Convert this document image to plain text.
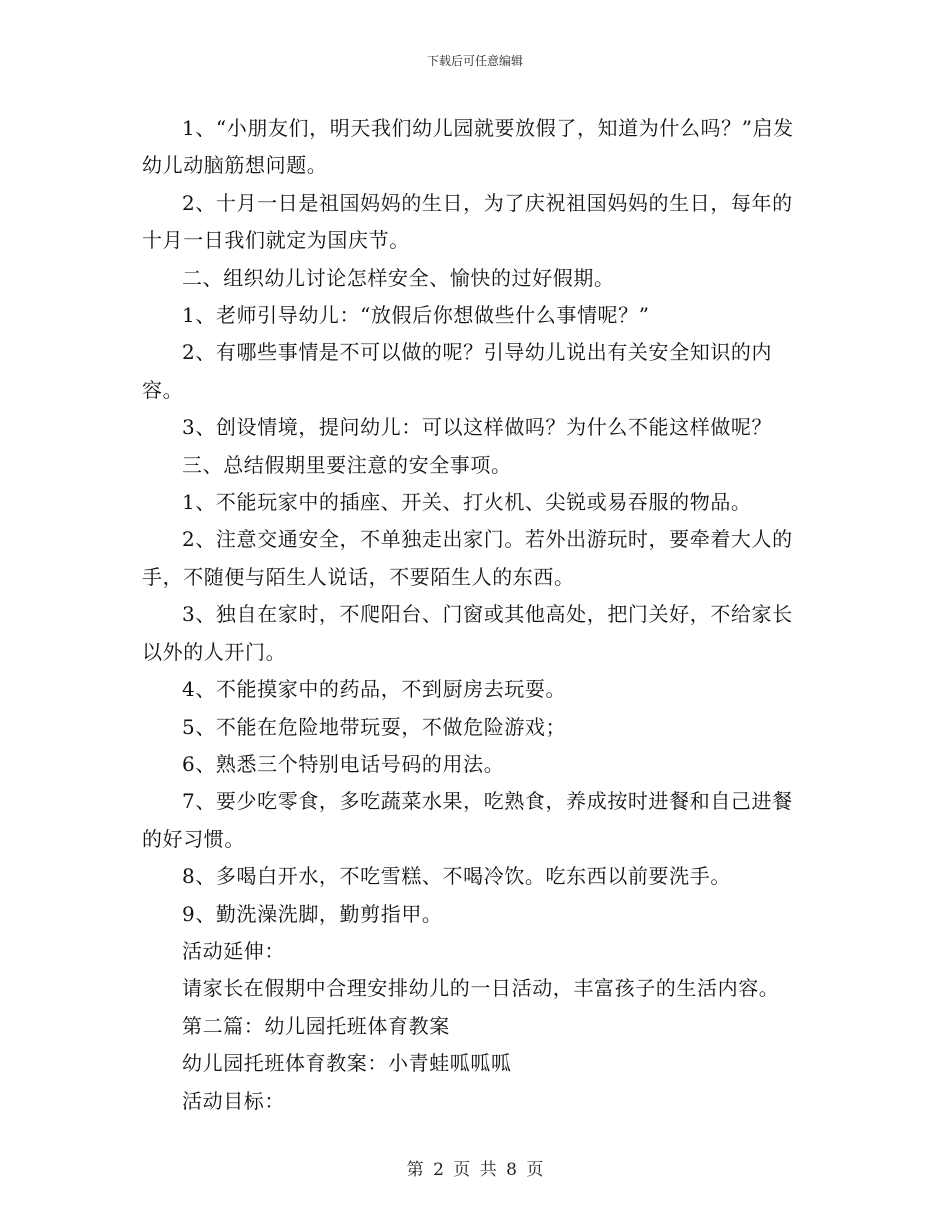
下载后可任意编辑

1、“小朋友们，明天我们幼儿园就要放假了，知道为什么吗？”启发幼儿动脑筋想问题。

2、十月一日是祖国妈妈的生日，为了庆祝祖国妈妈的生日，每年的十月一日我们就定为国庆节。

二、组织幼儿讨论怎样安全、愉快的过好假期。

1、老师引导幼儿：“放假后你想做些什么事情呢？”

2、有哪些事情是不可以做的呢？引导幼儿说出有关安全知识的内容。

3、创设情境，提问幼儿：可以这样做吗？为什么不能这样做呢？

三、总结假期里要注意的安全事项。

1、不能玩家中的插座、开关、打火机、尖锐或易吞服的物品。

2、注意交通安全，不单独走出家门。若外出游玩时，要牵着大人的手，不随便与陌生人说话，不要陌生人的东西。

3、独自在家时，不爬阳台、门窗或其他高处，把门关好，不给家长以外的人开门。

4、不能摸家中的药品，不到厨房去玩耍。

5、不能在危险地带玩耍，不做危险游戏；

6、熟悉三个特别电话号码的用法。

7、要少吃零食，多吃蔬菜水果，吃熟食，养成按时进餐和自己进餐的好习惯。

8、多喝白开水，不吃雪糕、不喝冷饮。吃东西以前要洗手。

9、勤洗澡洗脚，勤剪指甲。

活动延伸：

请家长在假期中合理安排幼儿的一日活动，丰富孩子的生活内容。

第二篇：幼儿园托班体育教案

幼儿园托班体育教案：小青蛙呱呱呱

活动目标：

第 2 页 共 8 页
